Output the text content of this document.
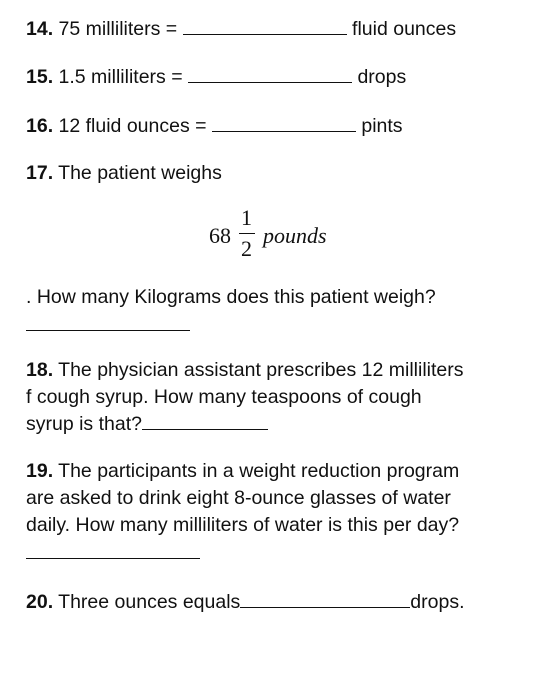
14. 75 milliliters =	fluid ounces
15. 1.5 milliliters =	drops
16. 12 fluid ounces =	pints
17. The patient weighs
68
1
2
pounds
. How many Kilograms does this patient weigh?
18. The physician assistant prescribes 12 milliliters
f cough syrup. How many teaspoons of cough
syrup is that?
19. The participants in a weight reduction program
are asked to drink eight 8-ounce glasses of water
daily. How many milliliters of water is this per day?
20. Three ounces equals	drops.
